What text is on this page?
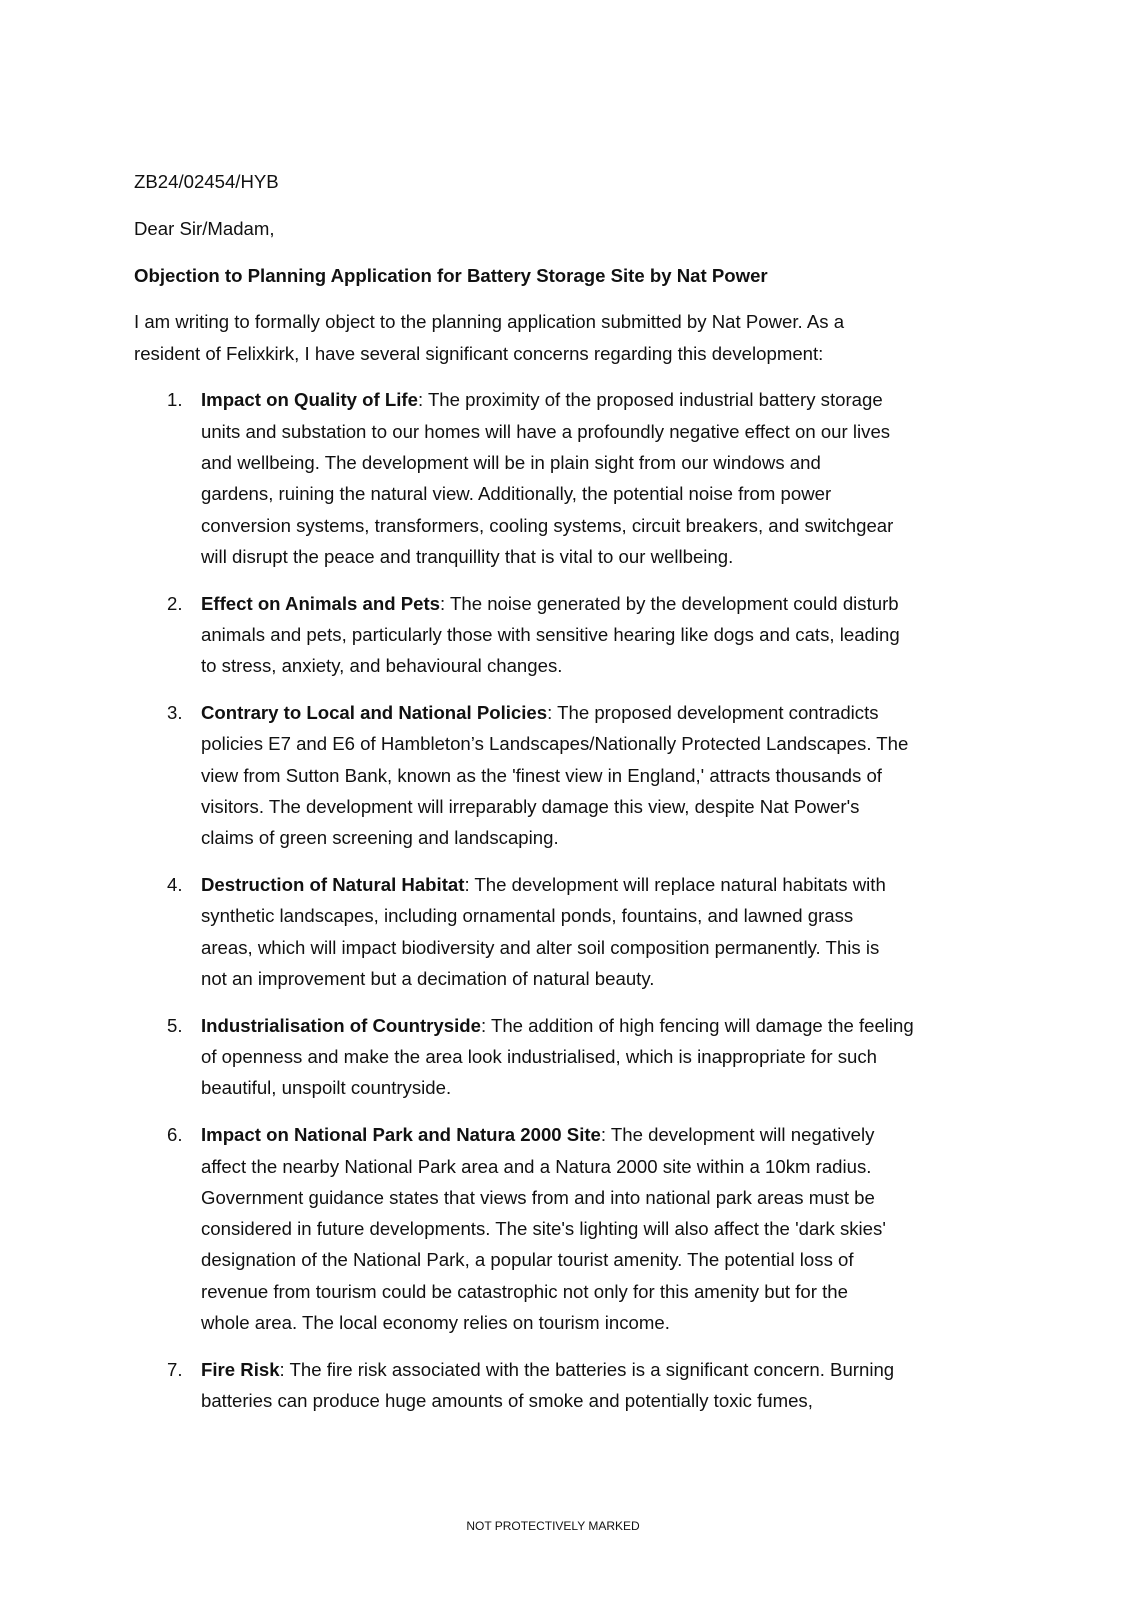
ZB24/02454/HYB

Dear Sir/Madam,

Objection to Planning Application for Battery Storage Site by Nat Power

I am writing to formally object to the planning application submitted by Nat Power. As a
resident of Felixkirk, I have several significant concerns regarding this development:

1. Impact on Quality of Life: The proximity of the proposed industrial battery storage
units and substation to our homes will have a profoundly negative effect on our lives
and wellbeing. The development will be in plain sight from our windows and
gardens, ruining the natural view. Additionally, the potential noise from power
conversion systems, transformers, cooling systems, circuit breakers, and switchgear
will disrupt the peace and tranquillity that is vital to our wellbeing.
2. Effect on Animals and Pets: The noise generated by the development could disturb
animals and pets, particularly those with sensitive hearing like dogs and cats, leading
to stress, anxiety, and behavioural changes.
3. Contrary to Local and National Policies: The proposed development contradicts
policies E7 and E6 of Hambleton’s Landscapes/Nationally Protected Landscapes. The
view from Sutton Bank, known as the 'finest view in England,' attracts thousands of
visitors. The development will irreparably damage this view, despite Nat Power's
claims of green screening and landscaping.
4. Destruction of Natural Habitat: The development will replace natural habitats with
synthetic landscapes, including ornamental ponds, fountains, and lawned grass
areas, which will impact biodiversity and alter soil composition permanently. This is
not an improvement but a decimation of natural beauty.
5. Industrialisation of Countryside: The addition of high fencing will damage the feeling
of openness and make the area look industrialised, which is inappropriate for such
beautiful, unspoilt countryside.
6. Impact on National Park and Natura 2000 Site: The development will negatively
affect the nearby National Park area and a Natura 2000 site within a 10km radius.
Government guidance states that views from and into national park areas must be
considered in future developments. The site's lighting will also affect the 'dark skies'
designation of the National Park, a popular tourist amenity. The potential loss of
revenue from tourism could be catastrophic not only for this amenity but for the
whole area. The local economy relies on tourism income.
7. Fire Risk: The fire risk associated with the batteries is a significant concern. Burning
batteries can produce huge amounts of smoke and potentially toxic fumes,
NOT PROTECTIVELY MARKED
